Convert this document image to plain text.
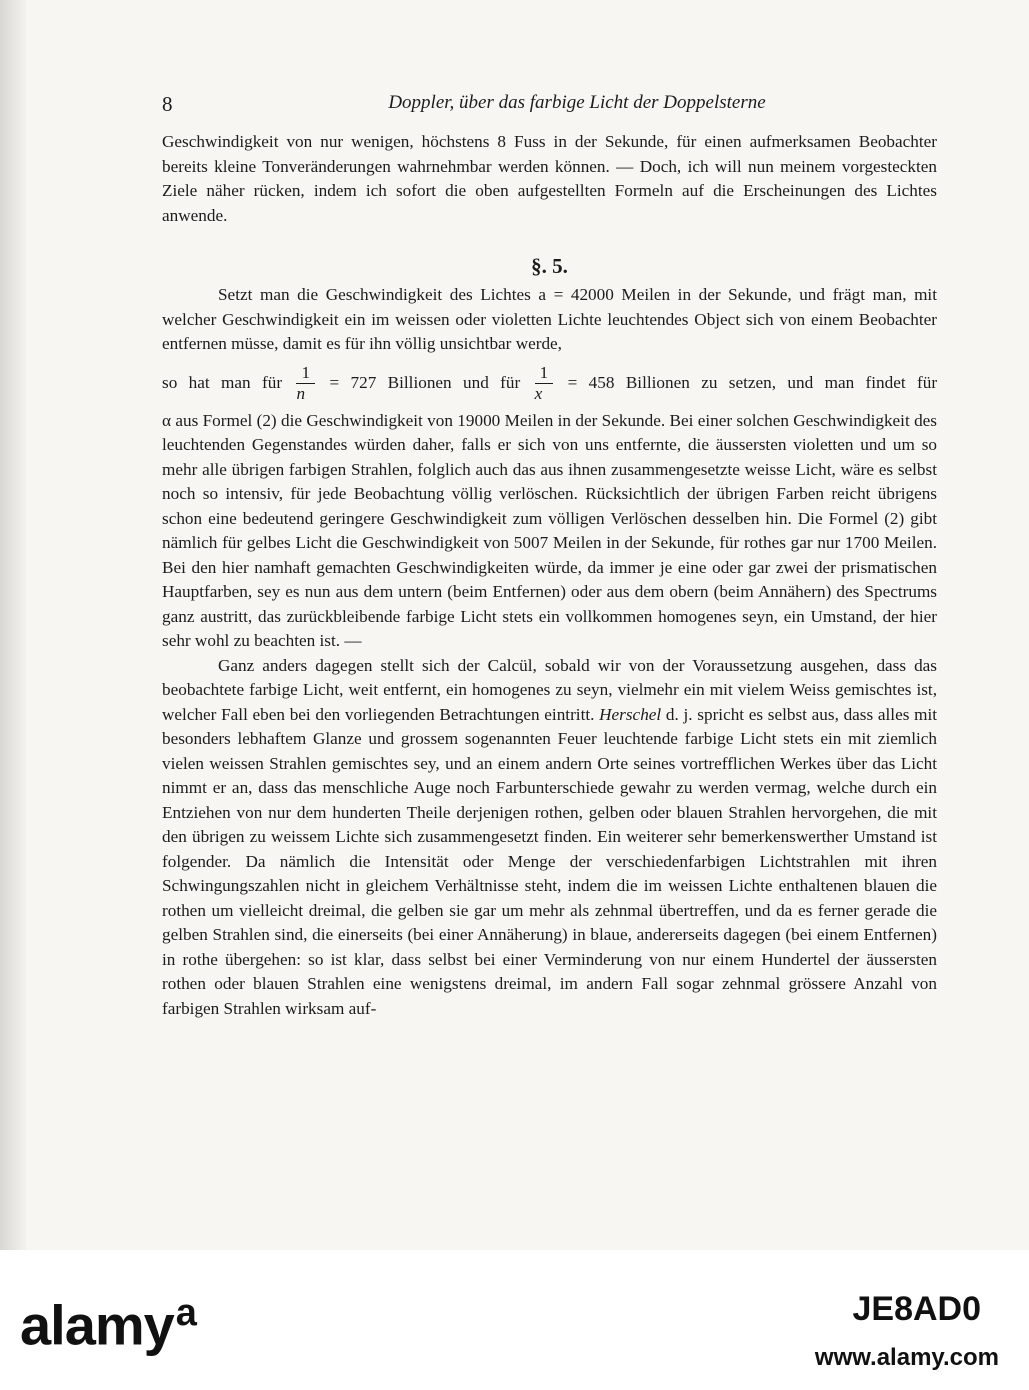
8	Doppler, über das farbige Licht der Doppelsterne

Geschwindigkeit von nur wenigen, höchstens 8 Fuss in der Sekunde, für einen aufmerksamen Beobachter bereits kleine Tonveränderungen wahrnehmbar werden können. — Doch, ich will nun meinem vorgesteckten Ziele näher rücken, indem ich sofort die oben aufgestellten Formeln auf die Erscheinungen des Lichtes anwende.

§. 5.

Setzt man die Geschwindigkeit des Lichtes a = 42000 Meilen in der Sekunde, und frägt man, mit welcher Geschwindigkeit ein im weissen oder violetten Lichte leuchtendes Object sich von einem Beobachter entfernen müsse, damit es für ihn völlig unsichtbar werde,

so hat man für $\frac{1}{n} = 727$ Billionen und für $\frac{1}{x} = 458$ Billionen zu setzen, und man findet für

α aus Formel (2) die Geschwindigkeit von 19000 Meilen in der Sekunde. Bei einer solchen Geschwindigkeit des leuchtenden Gegenstandes würden daher, falls er sich von uns entfernte, die äussersten violetten und um so mehr alle übrigen farbigen Strahlen, folglich auch das aus ihnen zusammengesetzte weisse Licht, wäre es selbst noch so intensiv, für jede Beobachtung völlig verlöschen. Rücksichtlich der übrigen Farben reicht übrigens schon eine bedeutend geringere Geschwindigkeit zum völligen Verlöschen desselben hin. Die Formel (2) gibt nämlich für gelbes Licht die Geschwindigkeit von 5007 Meilen in der Sekunde, für rothes gar nur 1700 Meilen. Bei den hier namhaft gemachten Geschwindigkeiten würde, da immer je eine oder gar zwei der prismatischen Hauptfarben, sey es nun aus dem untern (beim Entfernen) oder aus dem obern (beim Annähern) des Spectrums ganz austritt, das zurückbleibende farbige Licht stets ein vollkommen homogenes seyn, ein Umstand, der hier sehr wohl zu beachten ist. —

Ganz anders dagegen stellt sich der Calcül, sobald wir von der Voraussetzung ausgehen, dass das beobachtete farbige Licht, weit entfernt, ein homogenes zu seyn, vielmehr ein mit vielem Weiss gemischtes ist, welcher Fall eben bei den vorliegenden Betrachtungen eintritt. Herschel d. j. spricht es selbst aus, dass alles mit besonders lebhaftem Glanze und grossem sogenannten Feuer leuchtende farbige Licht stets ein mit ziemlich vielen weissen Strahlen gemischtes sey, und an einem andern Orte seines vortrefflichen Werkes über das Licht nimmt er an, dass das menschliche Auge noch Farbunterschiede gewahr zu werden vermag, welche durch ein Entziehen von nur dem hunderten Theile derjenigen rothen, gelben oder blauen Strahlen hervorgehen, die mit den übrigen zu weissem Lichte sich zusammengesetzt finden. Ein weiterer sehr bemerkenswerther Umstand ist folgender. Da nämlich die Intensität oder Menge der verschiedenfarbigen Lichtstrahlen mit ihren Schwingungszahlen nicht in gleichem Verhältnisse steht, indem die im weissen Lichte enthaltenen blauen die rothen um vielleicht dreimal, die gelben sie gar um mehr als zehnmal übertreffen, und da es ferner gerade die gelben Strahlen sind, die einerseits (bei einer Annäherung) in blaue, andererseits dagegen (bei einem Entfernen) in rothe übergehen: so ist klar, dass selbst bei einer Verminderung von nur einem Hundertel der äussersten rothen oder blauen Strahlen eine wenigstens dreimal, im andern Fall sogar zehnmal grössere Anzahl von farbigen Strahlen wirksam auf-

alamy$^a$	JE8AD0
www.alamy.com
